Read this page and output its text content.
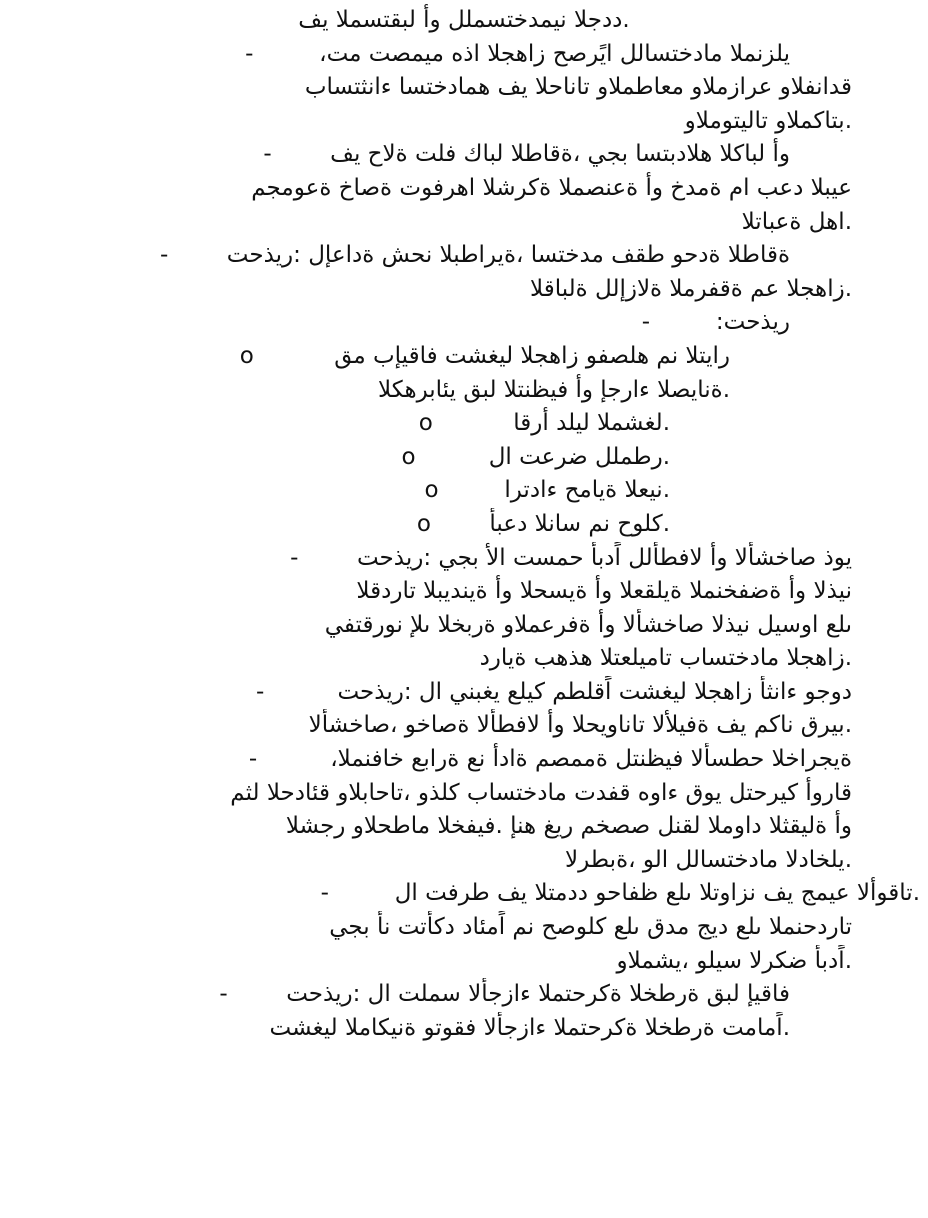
ددجلا نيمدختسملل وأ لبقتسملا يف.
-         ،يلزنملا مادختسالل ايًرصح زاهجلا اذه ميمصت مت
قدانفلاو عرازملاو معاطملاو تاناحلا يف همادختسا ءانثتساب
بتاكملاو تاليتوملاو.
-        وأ لباكلا هلادبتسا بجي ،ةقاطلا لباك فلت ةلاح يف
عيبلا دعب ام ةمدخ وأ ةعنصملا ةكرشلا اهرفوت ةصاخ ةعومجم
اهل ةعباتلا.
-        ةقاطلا ةدحو طقف مدختسا ،ةيراطبلا نحش ةداعإل :ريذحت
زاهجلا عم ةقفرملا ةلازإلل ةلباقلا.
-         :ريذحت
o           رايتلا نم هلصفو زاهجلا ليغشت فاقيإب مق
ةنايصلا ءارجإ وأ فيظنتلا لبق يئابرهكلا.
o           لغشملا ليلد أرقا.
o          رطملل ضرعت ال.
o         نيعلا ةيامح ءادترا.
o        كلوح نم سانلا دعبأ.
-        يوذ صاخشألا وأ لافطألل اًدبأ حمست الأ بجي :ريذحت
نيذلا وأ ةضفخنملا ةيلقعلا وأ ةيسحلا وأ ةينديبلا تاردقلا
ىلع اوسيل نيذلا صاخشألا وأ ةفرعملاو ةربخلا ىلإ نورقتفي
زاهجلا مادختساب تاميلعتلا هذهب ةيارد.
-          دوجو ءانثأ زاهجلا ليغشت اًقلطم كيلع يغبني ال :ريذحت
بيرق ناكم يف ةفيلألا تاناويحلا وأ لافطألا ةصاخو ،صاخشألا.
-          ،ةيجراخلا حطسألا فيظنتل ةممصم ةادأ نع ةرابع خافنملا
قاروأ كيرحتل يوق ءاوه قفدت مادختساب كلذو ،تاحابلاو قئادحلا لثم
وأ ةليقثلا داوملا لقنل صصخم ريغ هنإ .فيفخلا ماطحلاو رجشلا
يلخادلا مادختسالل الو ،ةبطرلا.
-         تاقوألا عيمج يف نزاوتلا ىلع ظفاحو ددمتلا يف طرفت ال.
تاردحنملا ىلع ديج مدق ىلع كلوصح نم اًمئاد دكأتت نأ بجي
اًدبأ ضكرلا سيلو ،يشملاو.
-        فاقيإ لبق ةرطخلا ةكرحتملا ءازجألا سملت ال :ريذحت
اًمامت ةرطخلا ةكرحتملا ءازجألا فقوتو ةنيكاملا ليغشت.
